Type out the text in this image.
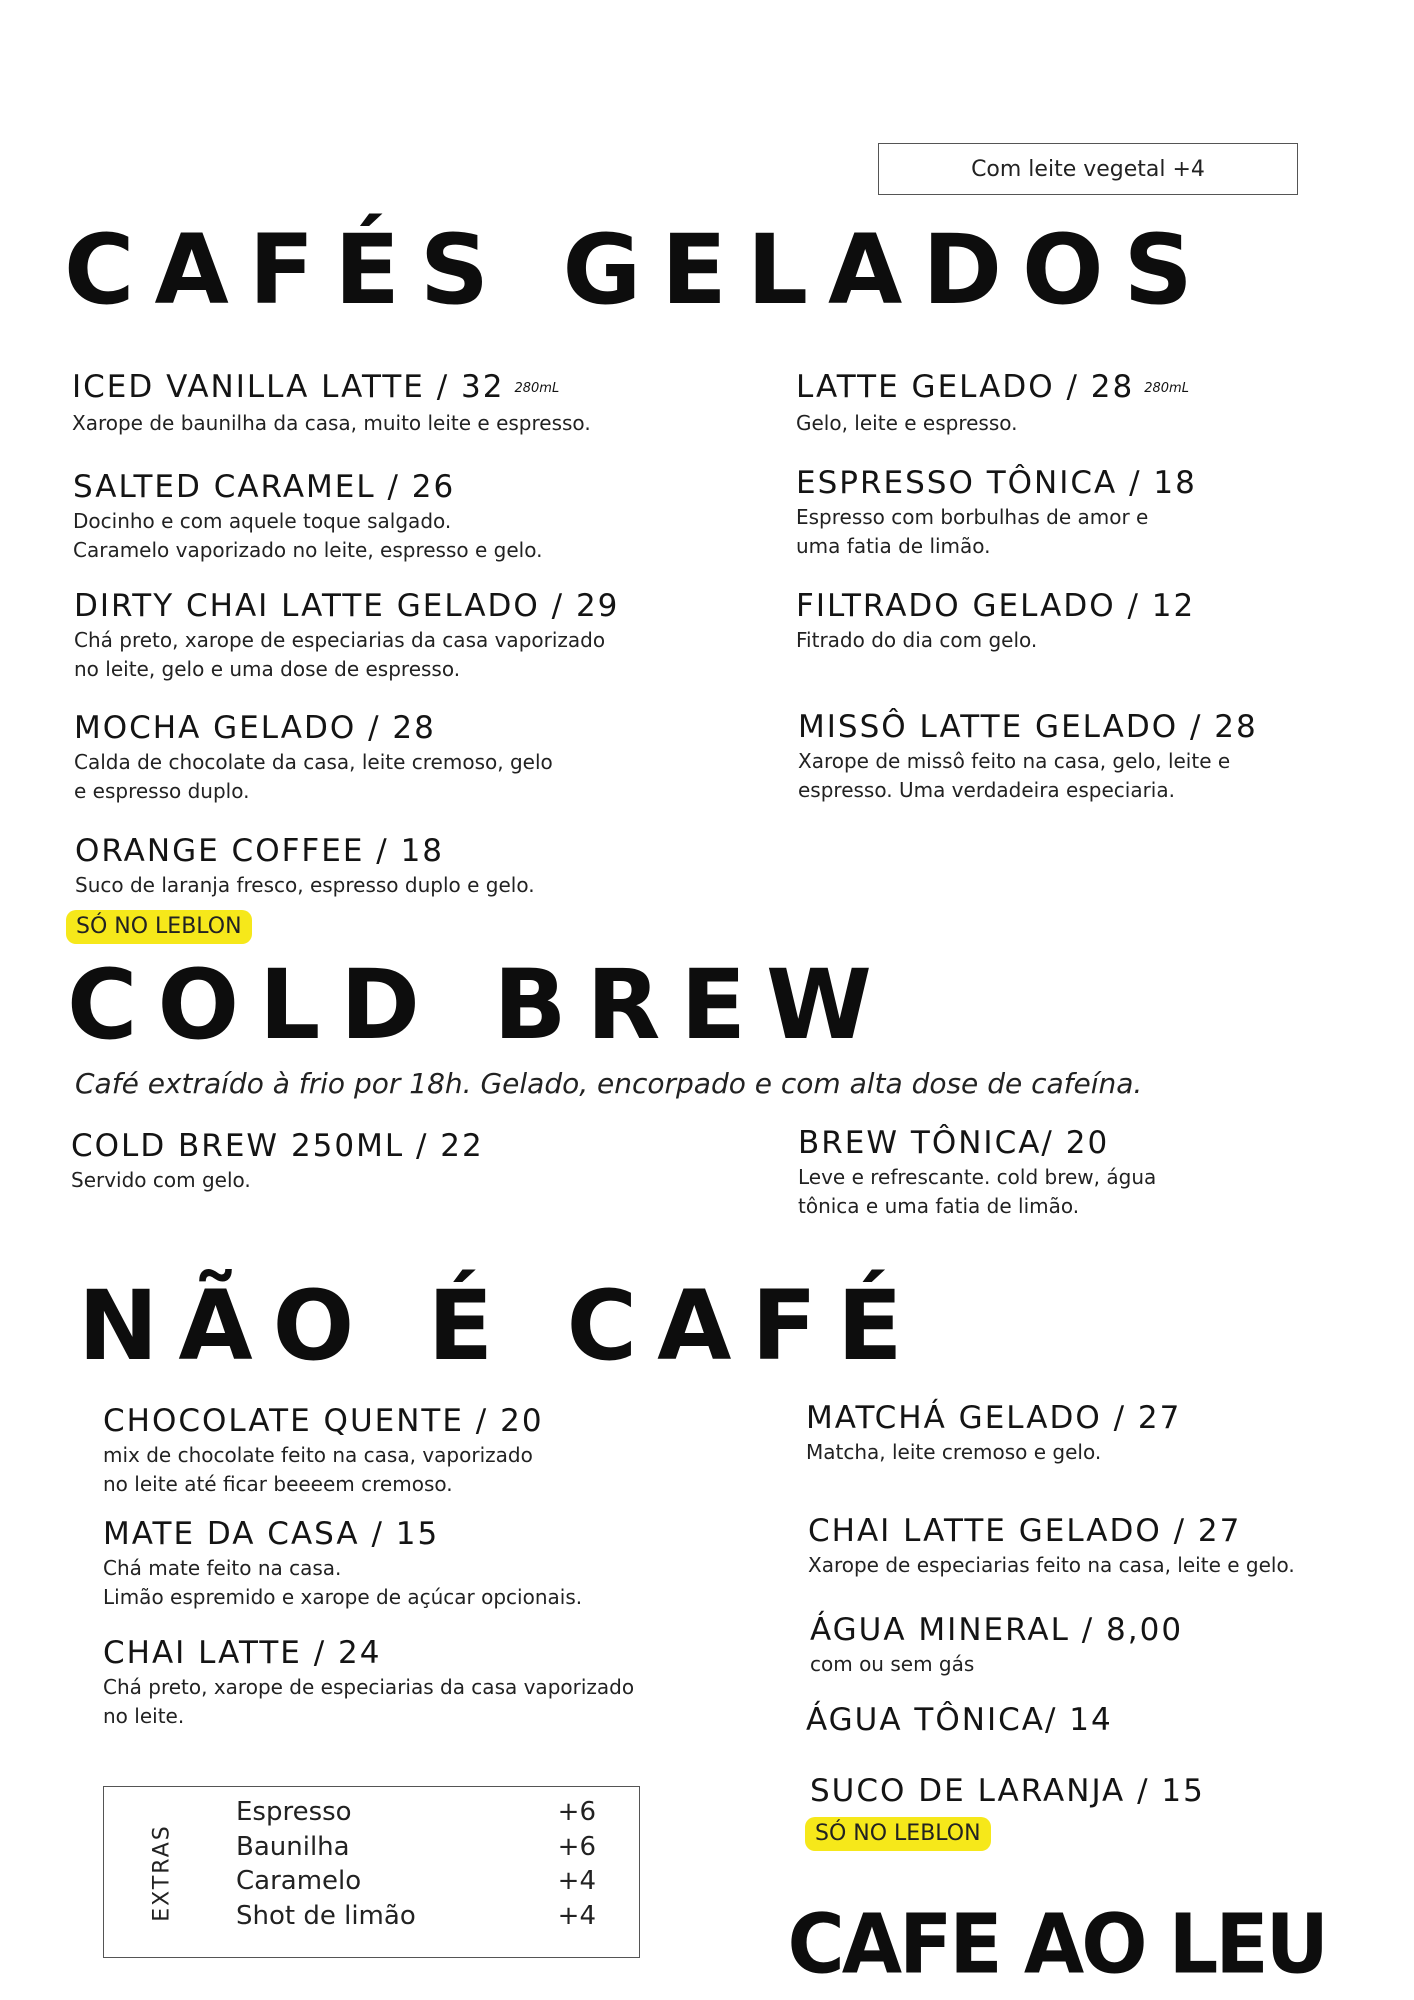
Com leite vegetal +4
CAFÉS GELADOS
ICED VANILLA LATTE / 32 280mL
Xarope de baunilha da casa, muito leite e espresso.
LATTE GELADO / 28 280mL
Gelo, leite e espresso.
SALTED CARAMEL / 26
Docinho e com aquele toque salgado.
Caramelo vaporizado no leite, espresso e gelo.
ESPRESSO TÔNICA / 18
Espresso com borbulhas de amor e
uma fatia de limão.
DIRTY CHAI LATTE GELADO / 29
Chá preto, xarope de especiarias da casa vaporizado
no leite, gelo e uma dose de espresso.
FILTRADO GELADO / 12
Fitrado do dia com gelo.
MOCHA GELADO / 28
Calda de chocolate da casa, leite cremoso, gelo
e espresso duplo.
MISSÔ LATTE GELADO / 28
Xarope de missô feito na casa, gelo, leite e
espresso. Uma verdadeira especiaria.
ORANGE COFFEE / 18
Suco de laranja fresco, espresso duplo e gelo.
SÓ NO LEBLON
COLD BREW
Café extraído à frio por 18h. Gelado, encorpado e com alta dose de cafeína.
COLD BREW 250ML / 22
Servido com gelo.
BREW TÔNICA/ 20
Leve e refrescante. cold brew, água
tônica e uma fatia de limão.
NÃO É CAFÉ
CHOCOLATE QUENTE / 20
mix de chocolate feito na casa, vaporizado
no leite até ficar beeeem cremoso.
MATCHÁ GELADO / 27
Matcha, leite cremoso e gelo.
MATE DA CASA / 15
Chá mate feito na casa.
Limão espremido e xarope de açúcar opcionais.
CHAI LATTE GELADO / 27
Xarope de especiarias feito na casa, leite e gelo.
CHAI LATTE / 24
Chá preto, xarope de especiarias da casa vaporizado
no leite.
ÁGUA MINERAL / 8,00
com ou sem gás
ÁGUA TÔNICA/ 14
SUCO DE LARANJA / 15
SÓ NO LEBLON
EXTRAS
Espresso	+6
Baunilha	+6
Caramelo	+4
Shot de limão	+4 CAFE AO LEU
